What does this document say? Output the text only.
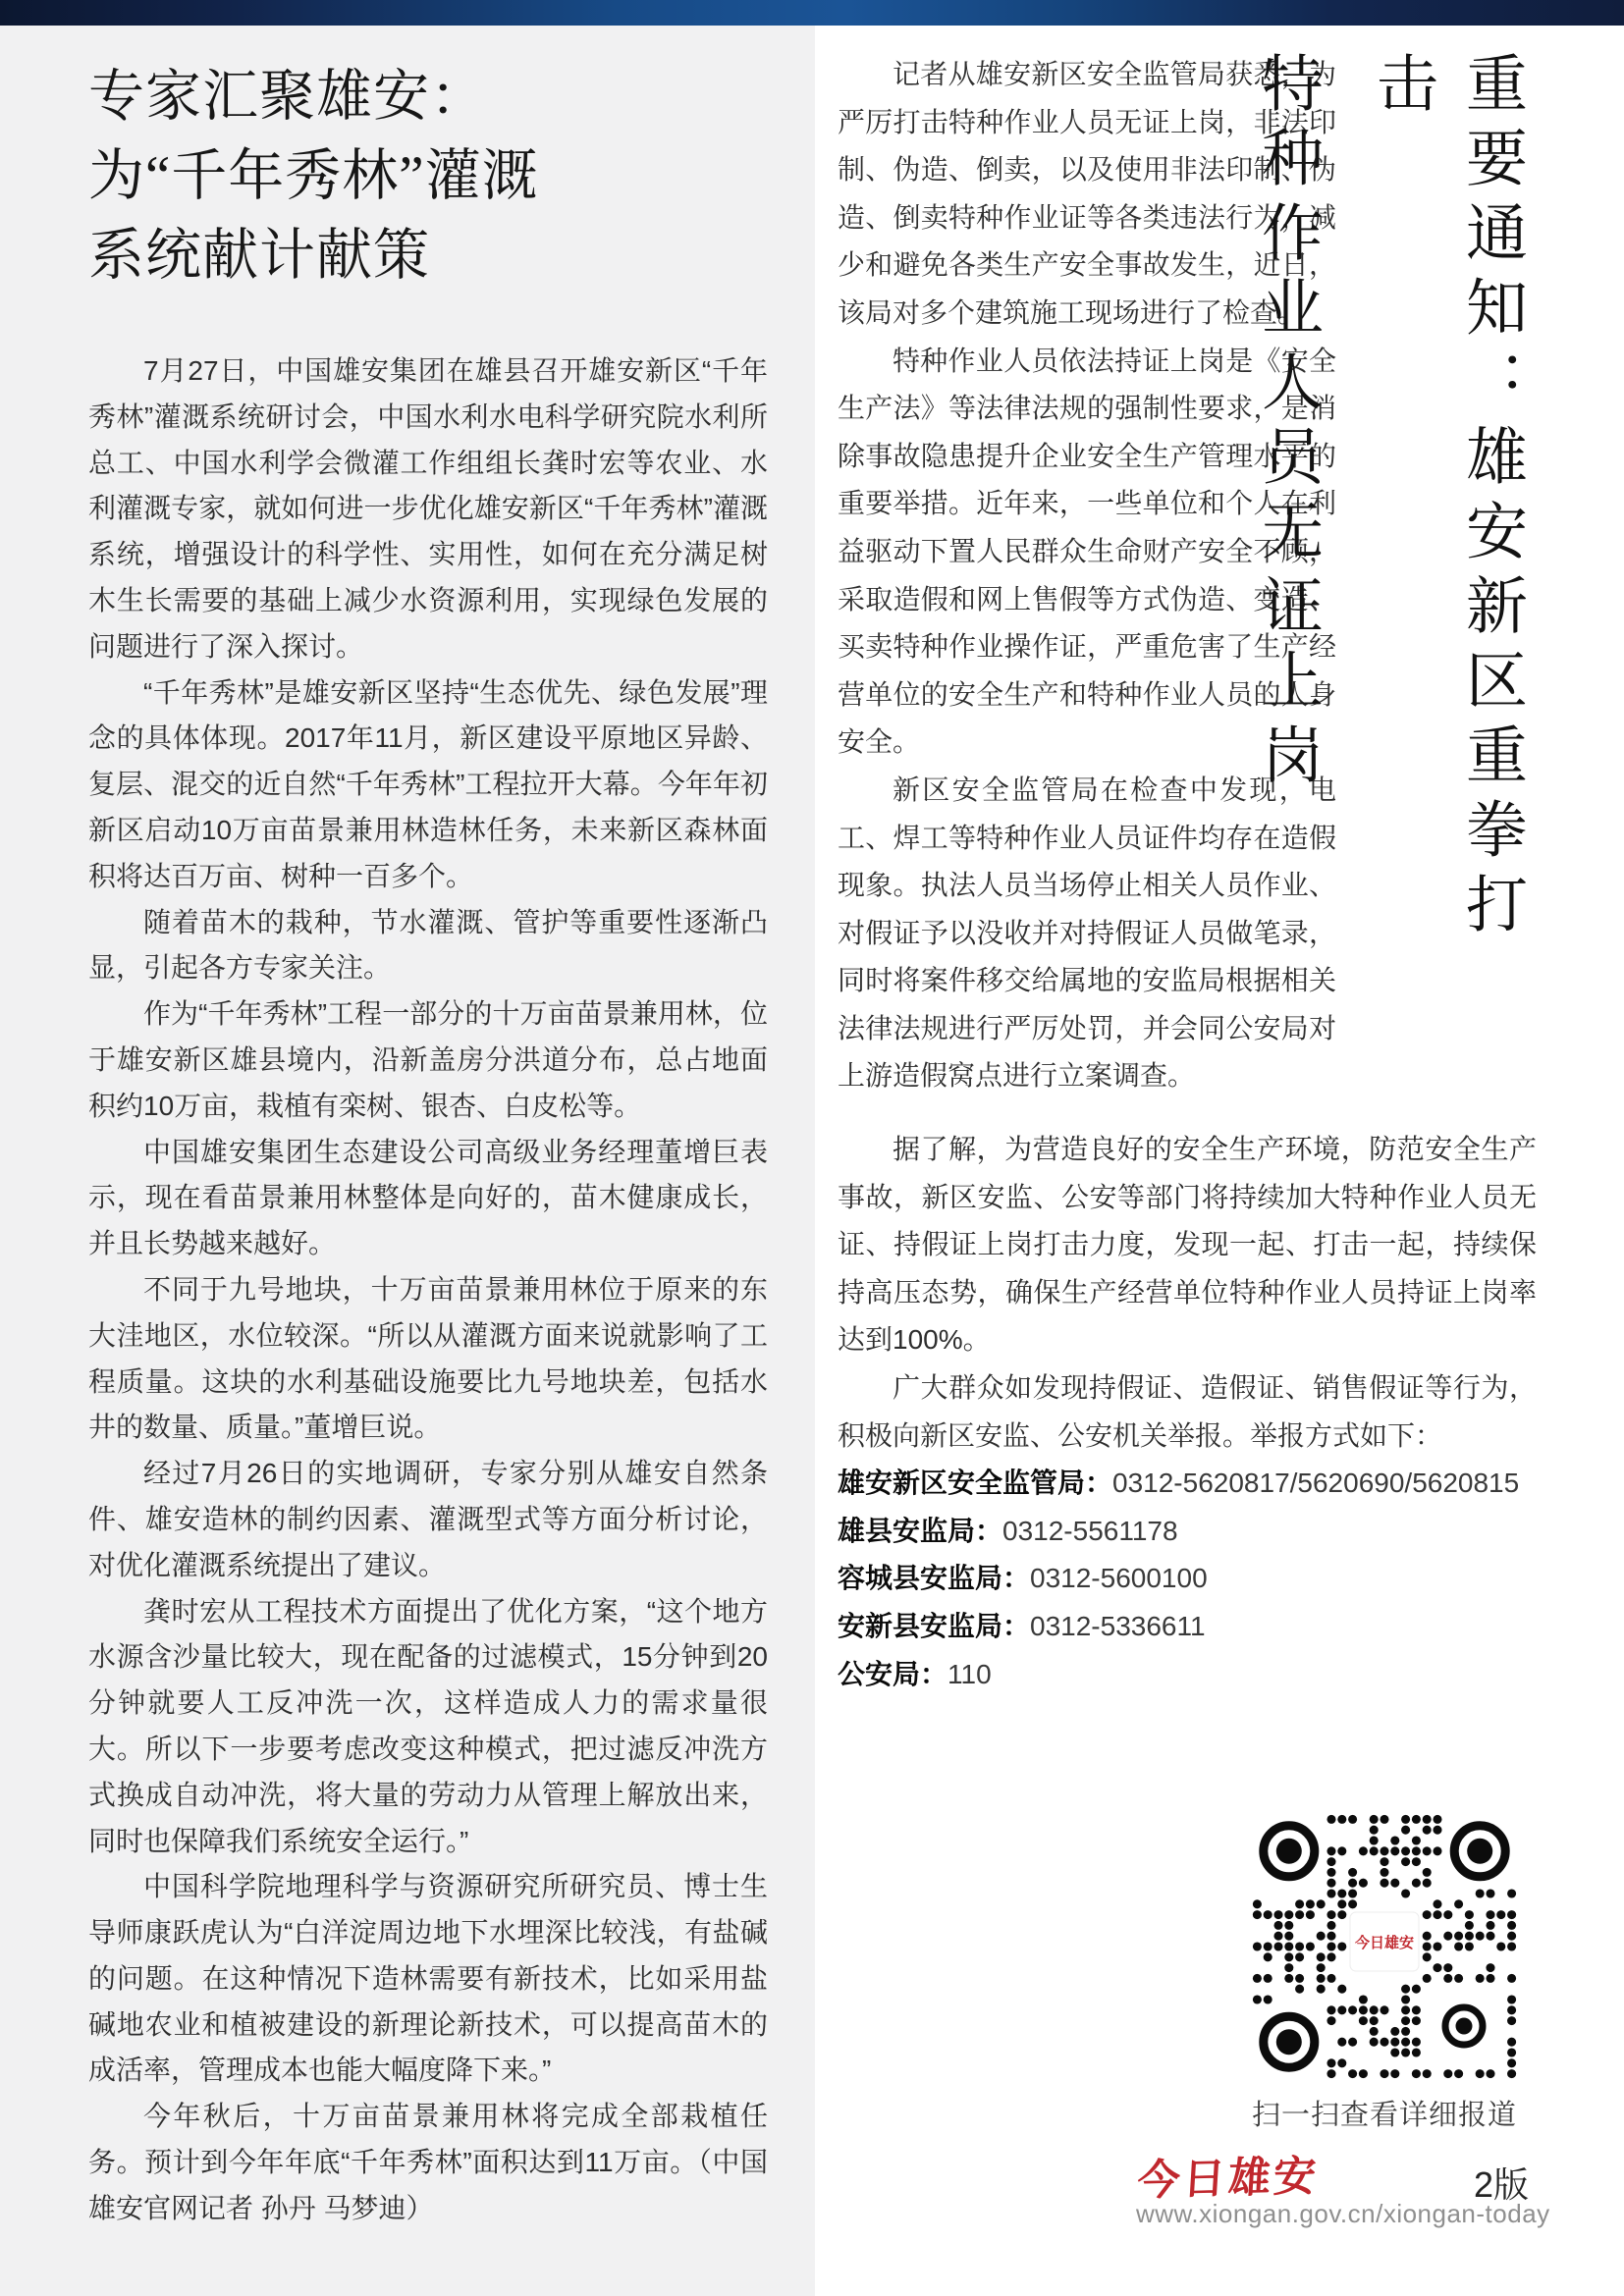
专家汇聚雄安：
为“千年秀林”灌溉
系统献计献策

7月27日，中国雄安集团在雄县召开雄安新区“千年秀林”灌溉系统研讨会，中国水利水电科学研究院水利所总工、中国水利学会微灌工作组组长龚时宏等农业、水利灌溉专家，就如何进一步优化雄安新区“千年秀林”灌溉系统，增强设计的科学性、实用性，如何在充分满足树木生长需要的基础上减少水资源利用，实现绿色发展的问题进行了深入探讨。

“千年秀林”是雄安新区坚持“生态优先、绿色发展”理念的具体体现。2017年11月，新区建设平原地区异龄、复层、混交的近自然“千年秀林”工程拉开大幕。今年年初新区启动10万亩苗景兼用林造林任务，未来新区森林面积将达百万亩、树种一百多个。

随着苗木的栽种，节水灌溉、管护等重要性逐渐凸显，引起各方专家关注。

作为“千年秀林”工程一部分的十万亩苗景兼用林，位于雄安新区雄县境内，沿新盖房分洪道分布，总占地面积约10万亩，栽植有栾树、银杏、白皮松等。

中国雄安集团生态建设公司高级业务经理董增巨表示，现在看苗景兼用林整体是向好的，苗木健康成长，并且长势越来越好。

不同于九号地块，十万亩苗景兼用林位于原来的东大洼地区，水位较深。“所以从灌溉方面来说就影响了工程质量。这块的水利基础设施要比九号地块差，包括水井的数量、质量。”董增巨说。

经过7月26日的实地调研，专家分别从雄安自然条件、雄安造林的制约因素、灌溉型式等方面分析讨论，对优化灌溉系统提出了建议。

龚时宏从工程技术方面提出了优化方案，“这个地方水源含沙量比较大，现在配备的过滤模式，15分钟到20分钟就要人工反冲洗一次，这样造成人力的需求量很大。所以下一步要考虑改变这种模式，把过滤反冲洗方式换成自动冲洗，将大量的劳动力从管理上解放出来，同时也保障我们系统安全运行。”

中国科学院地理科学与资源研究所研究员、博士生导师康跃虎认为“白洋淀周边地下水埋深比较浅，有盐碱的问题。在这种情况下造林需要有新技术，比如采用盐碱地农业和植被建设的新理论新技术，可以提高苗木的成活率，管理成本也能大幅度降下来。”

今年秋后，十万亩苗景兼用林将完成全部栽植任务。预计到今年年底“千年秀林”面积达到11万亩。（中国雄安官网记者 孙丹 马梦迪）

记者从雄安新区安全监管局获悉，为严厉打击特种作业人员无证上岗，非法印制、伪造、倒卖，以及使用非法印制、伪造、倒卖特种作业证等各类违法行为，减少和避免各类生产安全事故发生，近日，该局对多个建筑施工现场进行了检查。

特种作业人员依法持证上岗是《安全生产法》等法律法规的强制性要求，是消除事故隐患提升企业安全生产管理水平的重要举措。近年来，一些单位和个人在利益驱动下置人民群众生命财产安全不顾，采取造假和网上售假等方式伪造、变造、买卖特种作业操作证，严重危害了生产经营单位的安全生产和特种作业人员的人身安全。

新区安全监管局在检查中发现，电工、焊工等特种作业人员证件均存在造假现象。执法人员当场停止相关人员作业、对假证予以没收并对持假证人员做笔录，同时将案件移交给属地的安监局根据相关法律法规进行严厉处罚，并会同公安局对上游造假窝点进行立案调查。

据了解，为营造良好的安全生产环境，防范安全生产事故，新区安监、公安等部门将持续加大特种作业人员无证、持假证上岗打击力度，发现一起、打击一起，持续保持高压态势，确保生产经营单位特种作业人员持证上岗率达到100%。

广大群众如发现持假证、造假证、销售假证等行为，积极向新区安监、公安机关举报。举报方式如下：

雄安新区安全监管局：0312-5620817/5620690/5620815
雄县安监局：0312-5561178
容城县安监局：0312-5600100
安新县安监局：0312-5336611
公安局：110
重要通知：雄安新区重拳打击
特种作业人员无证上岗
今日雄安
扫一扫查看详细报道
今日雄安	2版
www.xiongan.gov.cn/xiongan-today
